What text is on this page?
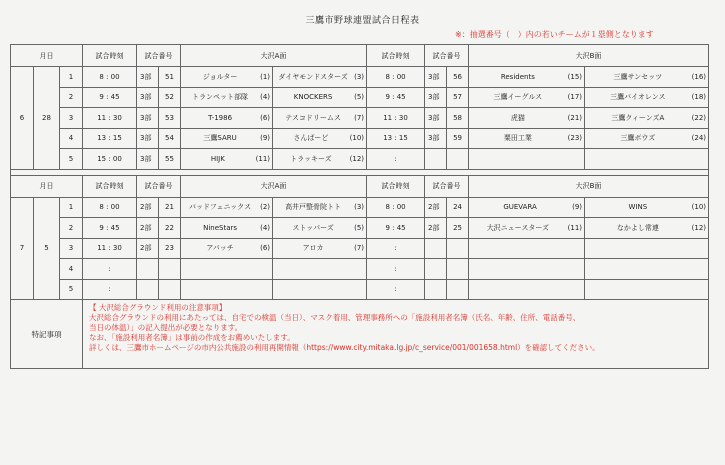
三鷹市野球連盟試合日程表
※：抽選番号（　）内の若いチームが１塁側となります
月日			試合時刻	試合番号		大沢A面		試合時刻	試合番号		大沢B面	
6	28	1	8 : 00	3部	51	ジョルター (1)	ダイヤモンドスターズ (3)	8 : 00	3部	56	Residents (15)	三鷹サンセッツ (16)

		2	9 : 45	3部	52	トランペット部隊 (4)	KNOCKERS (5)	9 : 45	3部	57	三鷹イーグルス (17)	三鷹バイオレンス (18)

		3	11 : 30	3部	53	T-1986 (6)	テスコドリームス (7)	11 : 30	3部	58	虎猫 (21)	三鷹クィーンズA (22)

		4	13 : 15	3部	54	三鷹SARU (9)	さんぱーど (10)	13 : 15	3部	59	粟田工業 (23)	三鷹ボウズ (24)

		5	15 : 00	3部	55	HIJK (11)	トラッキーズ (12)	:			

月日			試合時刻	試合番号		大沢A面		試合時刻	試合番号		大沢B面	
7	5	1	8 : 00	2部	21	バッドフェニックス (2)	高井戸整骨院トト (3)	8 : 00	2部	24	GUEVARA (9)	WINS (10)

		2	9 : 45	2部	22	NineStars (4)	ストッパーズ (5)	9 : 45	2部	25	大沢ニュースターズ (11)	なかよし常連 (12)

		3	11 : 30	2部	23	アパッチ (6)	アロカ (7)	:			

		4	:					:			

		5	:					:			

特記事項			【 大沢総合グラウンド利用の注意事項】
大沢総合グラウンドの利用にあたっては、自宅での検温（当日）、マスク着用、管理事務所への「施設利用者名簿（氏名、年齢、住所、電話番号、
当日の体温）」の記入提出が必要となります。
なお、「施設利用者名簿」は事前の作成をお薦めいたします。
詳しくは、三鷹市ホームページの市内公共施設の利用再開情報（https://www.city.mitaka.lg.jp/c_service/001/001658.html）を確認してください。									
